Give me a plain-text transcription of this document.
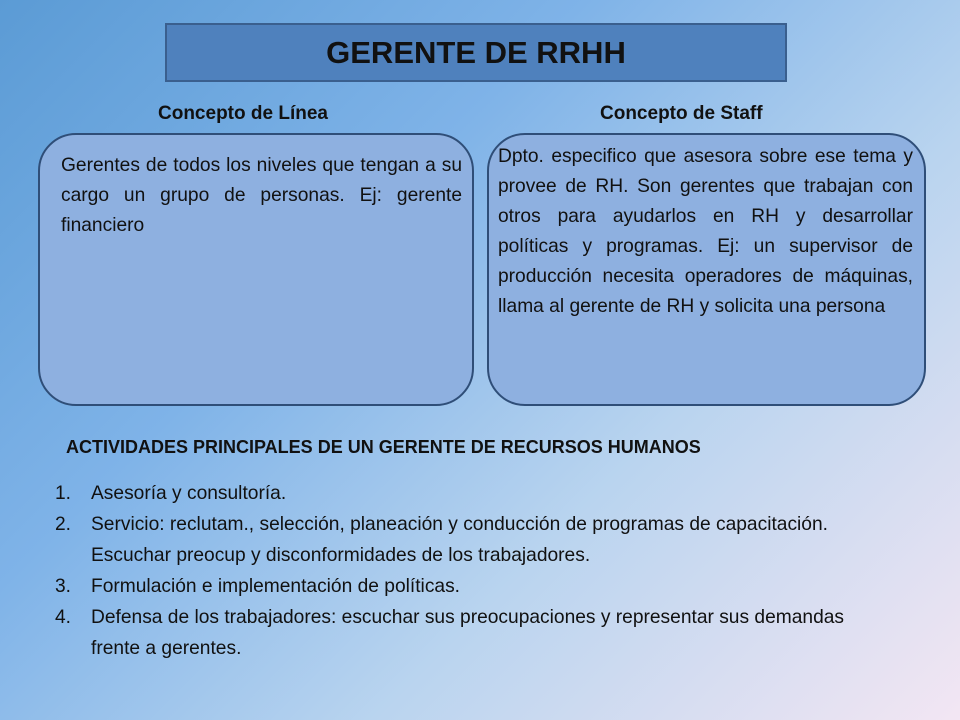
GERENTE DE RRHH
Concepto de Línea	Concepto de Staff
Gerentes de todos los niveles que tengan a su cargo un grupo de personas. Ej: gerente financiero
Dpto. especifico que asesora sobre ese tema y provee de RH. Son gerentes que trabajan con otros para ayudarlos en RH y desarrollar políticas y programas. Ej: un supervisor de producción necesita operadores de máquinas, llama al gerente de RH y solicita una persona
ACTIVIDADES PRINCIPALES DE UN GERENTE DE RECURSOS HUMANOS
1.	Asesoría y consultoría.
2.	Servicio: reclutam., selección, planeación y conducción de programas de capacitación. Escuchar preocup y disconformidades de los trabajadores.
3.	Formulación e implementación de políticas.
4.	Defensa de los trabajadores: escuchar sus preocupaciones y representar sus demandas frente a gerentes.
